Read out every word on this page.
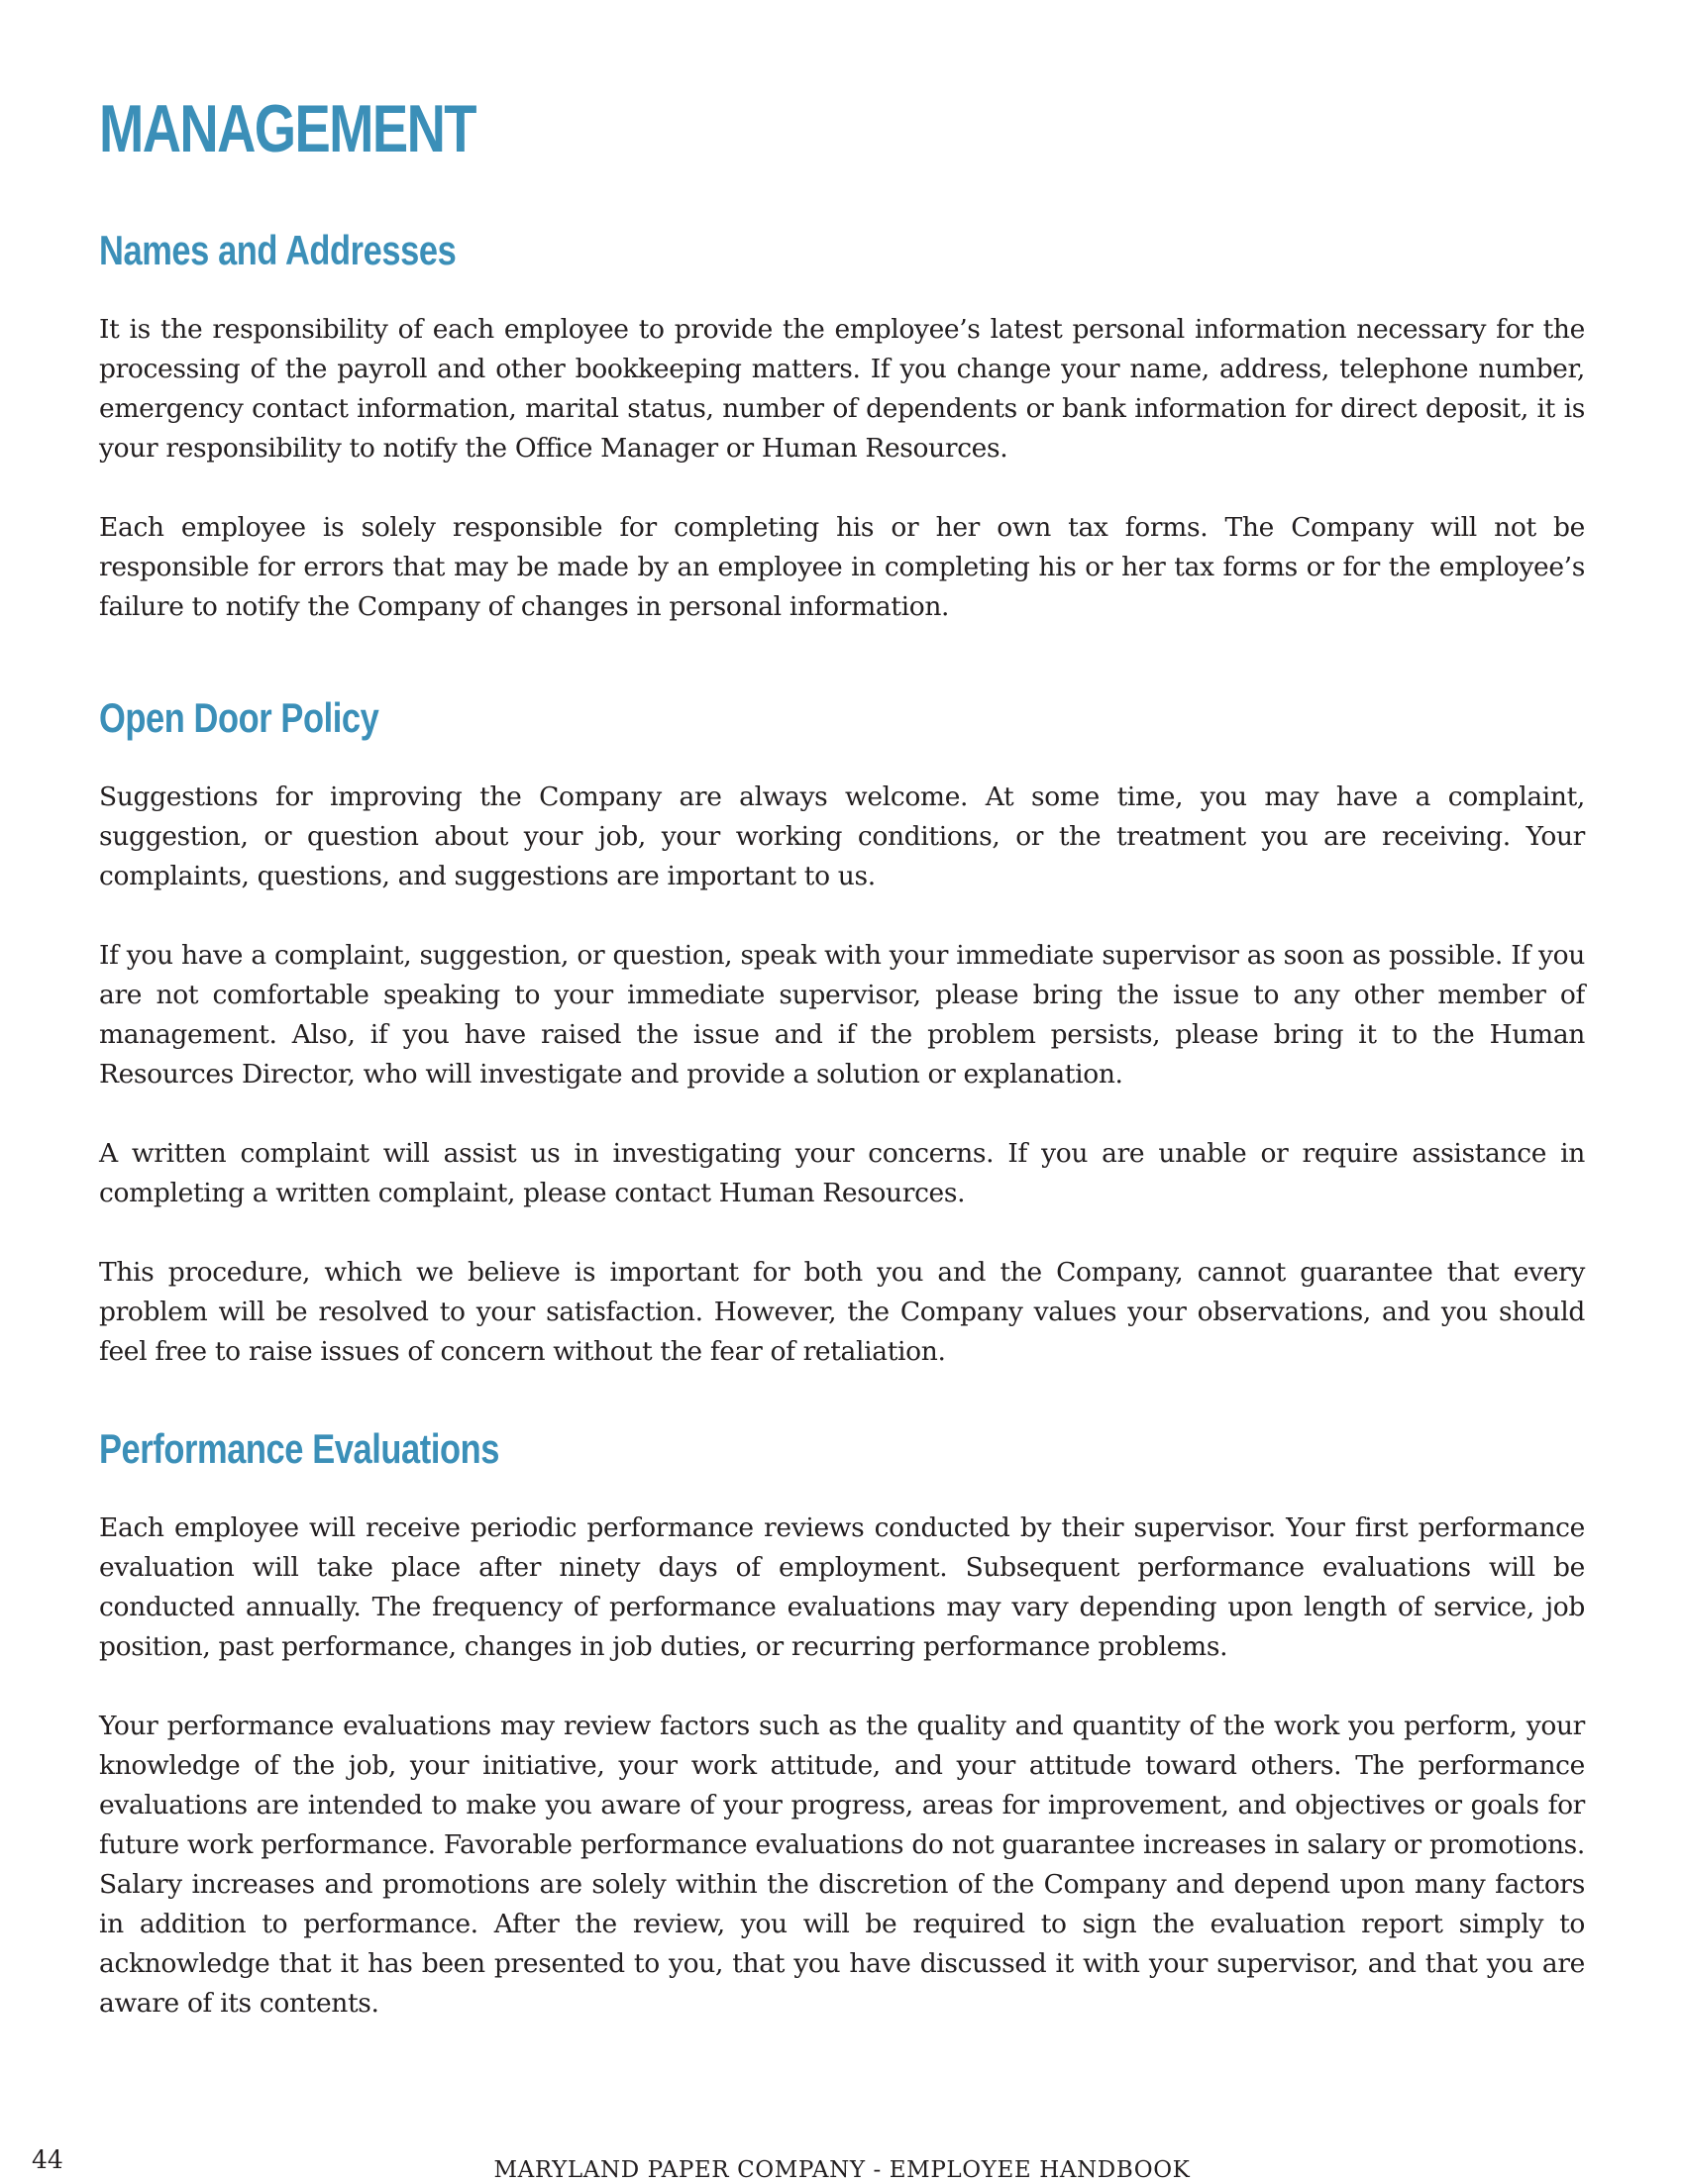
MANAGEMENT
Names and Addresses

It is the responsibility of each employee to provide the employee’s latest personal information necessary for the processing of the payroll and other bookkeeping matters. If you change your name, address, telephone number, emergency contact information, marital status, number of dependents or bank information for direct deposit, it is your responsibility to notify the Office Manager or Human Resources.

Each employee is solely responsible for completing his or her own tax forms. The Company will not be responsible for errors that may be made by an employee in completing his or her tax forms or for the employee’s failure to notify the Company of changes in personal information.

Open Door Policy

Suggestions for improving the Company are always welcome. At some time, you may have a complaint, suggestion, or question about your job, your working conditions, or the treatment you are receiving. Your complaints, questions, and suggestions are important to us.

If you have a complaint, suggestion, or question, speak with your immediate supervisor as soon as possible. If you are not comfortable speaking to your immediate supervisor, please bring the issue to any other member of management. Also, if you have raised the issue and if the problem persists, please bring it to the Human Resources Director, who will investigate and provide a solution or explanation.

A written complaint will assist us in investigating your concerns. If you are unable or require assistance in completing a written complaint, please contact Human Resources.

This procedure, which we believe is important for both you and the Company, cannot guarantee that every problem will be resolved to your satisfaction. However, the Company values your observations, and you should feel free to raise issues of concern without the fear of retaliation.

Performance Evaluations

Each employee will receive periodic performance reviews conducted by their supervisor. Your first performance evaluation will take place after ninety days of employment. Subsequent performance evaluations will be conducted annually. The frequency of performance evaluations may vary depending upon length of service, job position, past performance, changes in job duties, or recurring performance problems.

Your performance evaluations may review factors such as the quality and quantity of the work you perform, your knowledge of the job, your initiative, your work attitude, and your attitude toward others. The performance evaluations are intended to make you aware of your progress, areas for improvement, and objectives or goals for future work performance. Favorable performance evaluations do not guarantee increases in salary or promotions. Salary increases and promotions are solely within the discretion of the Company and depend upon many factors in addition to performance. After the review, you will be required to sign the evaluation report simply to acknowledge that it has been presented to you, that you have discussed it with your supervisor, and that you are aware of its contents.

44	MARYLAND PAPER COMPANY - EMPLOYEE HANDBOOK
